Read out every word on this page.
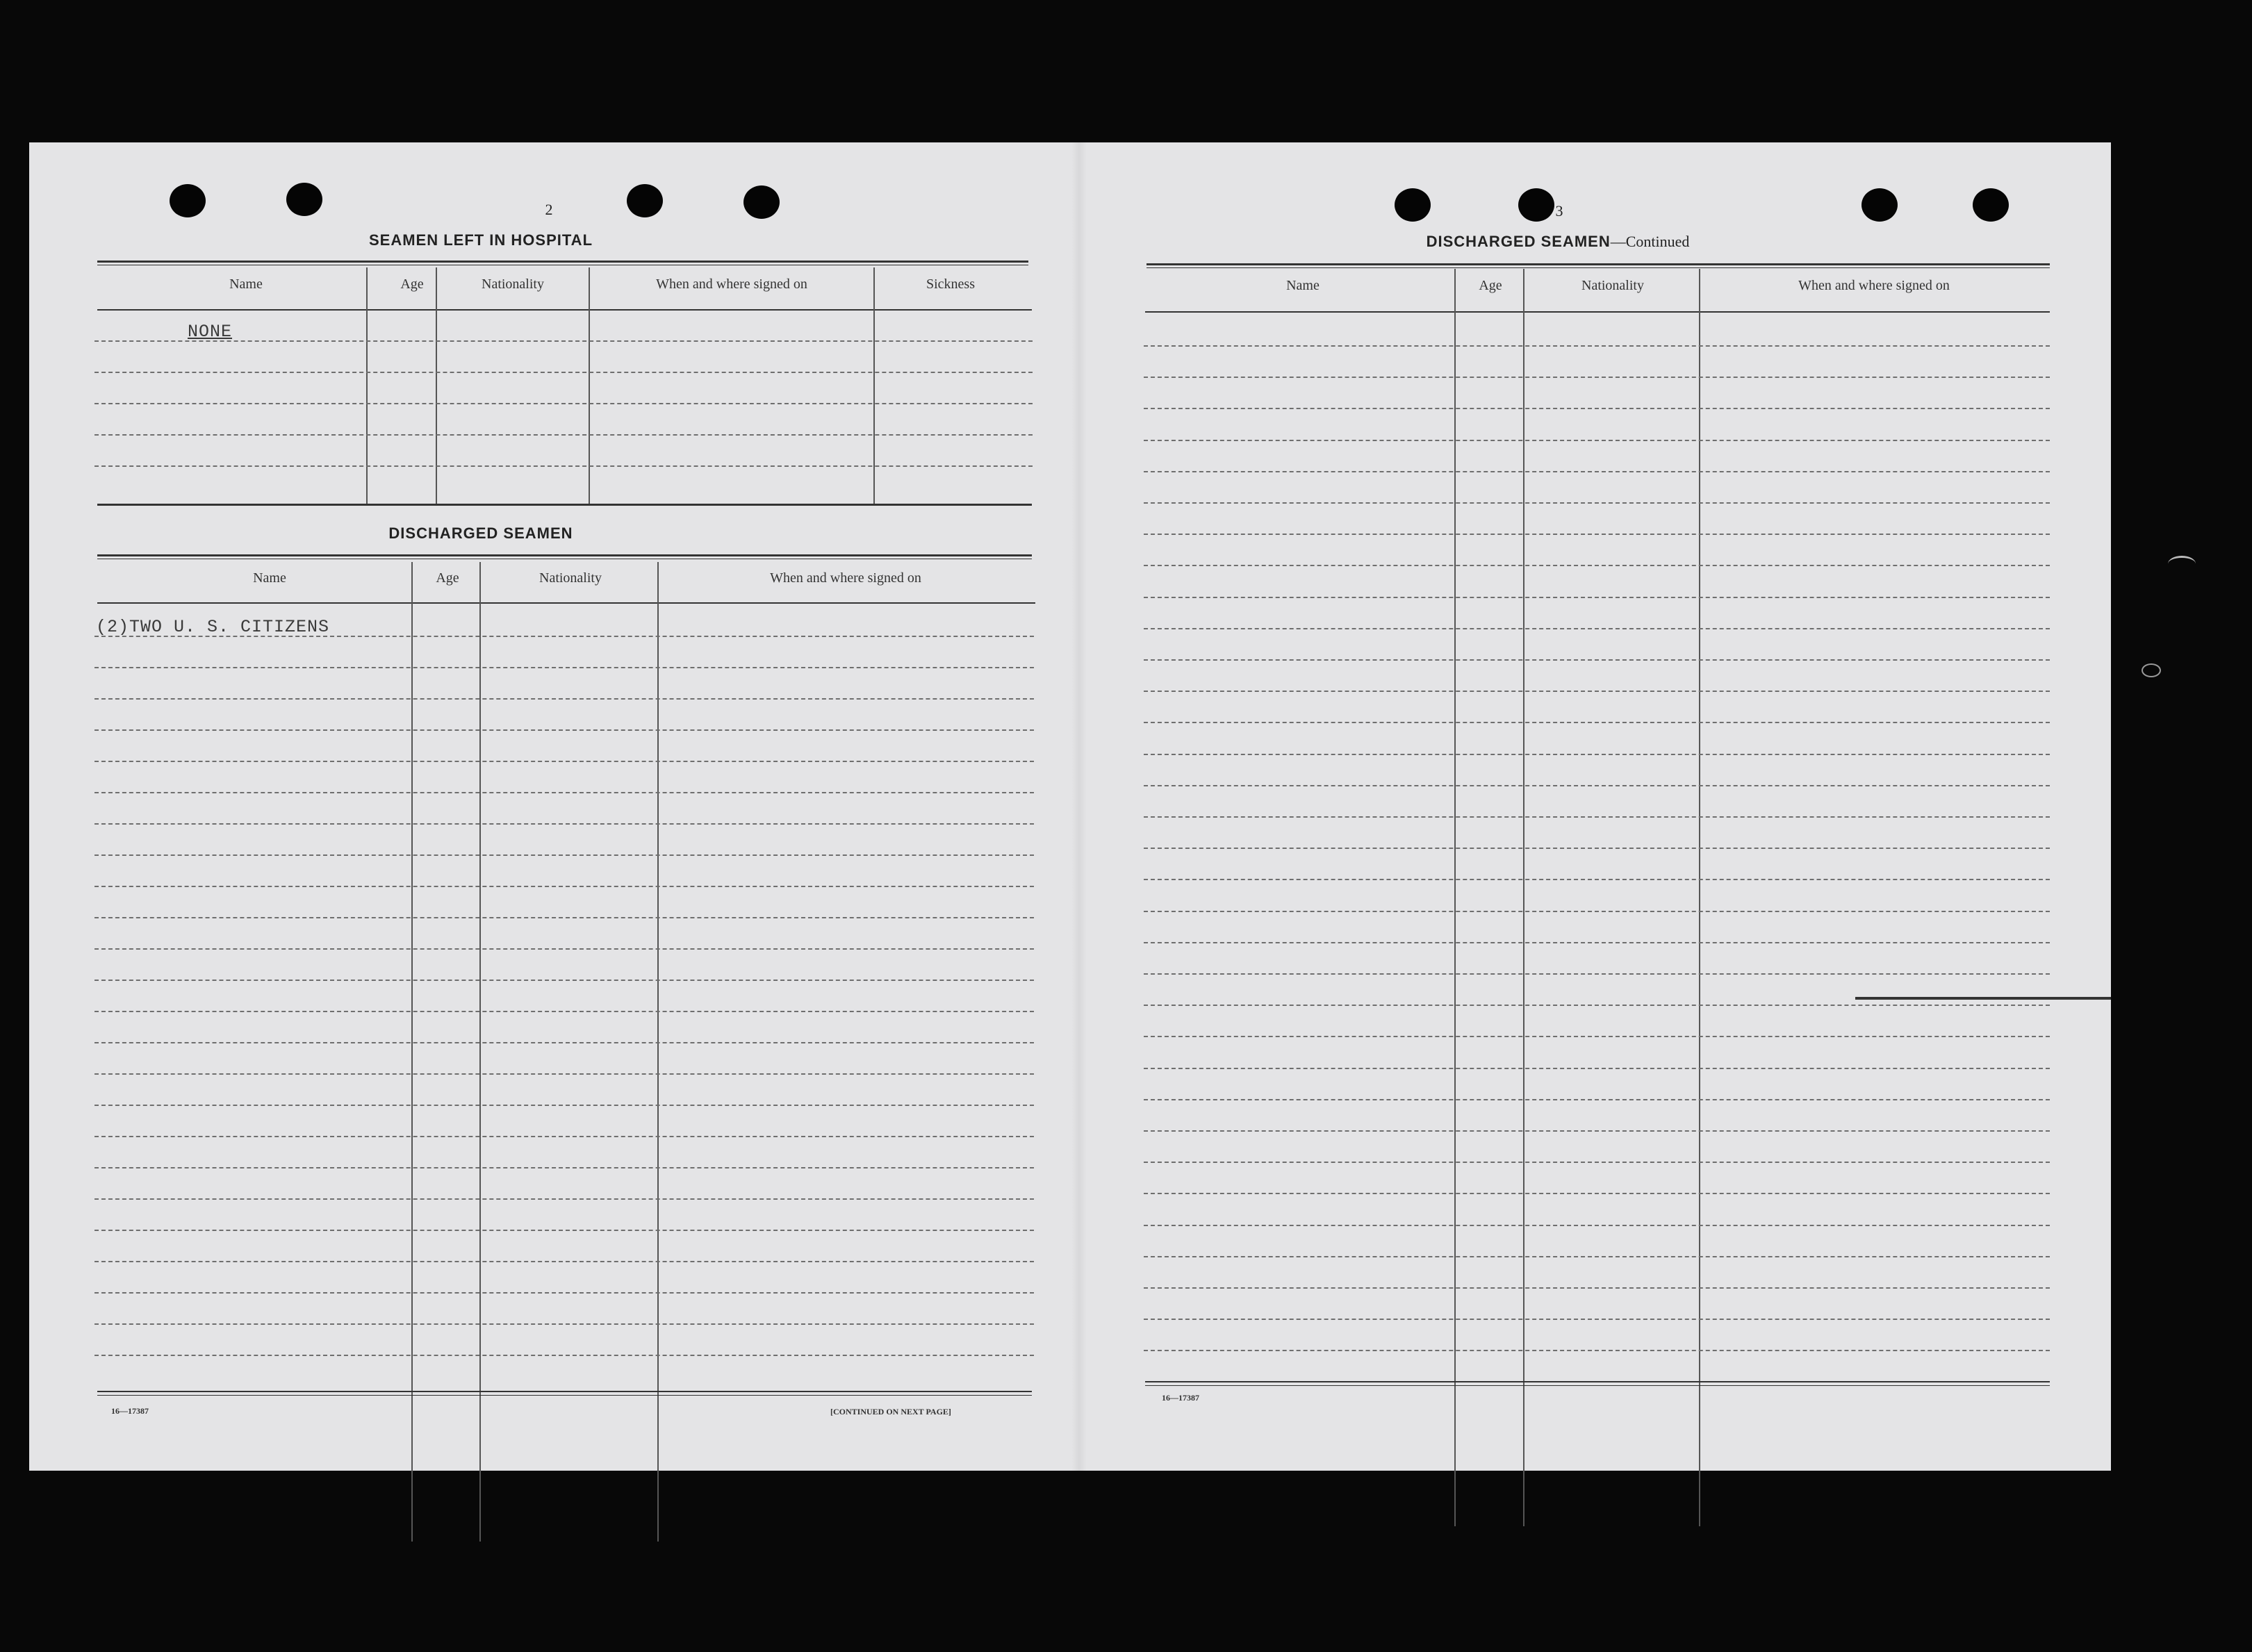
2
SEAMEN LEFT IN HOSPITAL
Name	Age	Nationality	When and where signed on	Sickness
NONE
DISCHARGED SEAMEN
Name	Age	Nationality	When and where signed on
(2)TWO U. S. CITIZENS
16—17387	[CONTINUED ON NEXT PAGE]
3
DISCHARGED SEAMEN—Continued
Name	Age	Nationality	When and where signed on
16—17387
